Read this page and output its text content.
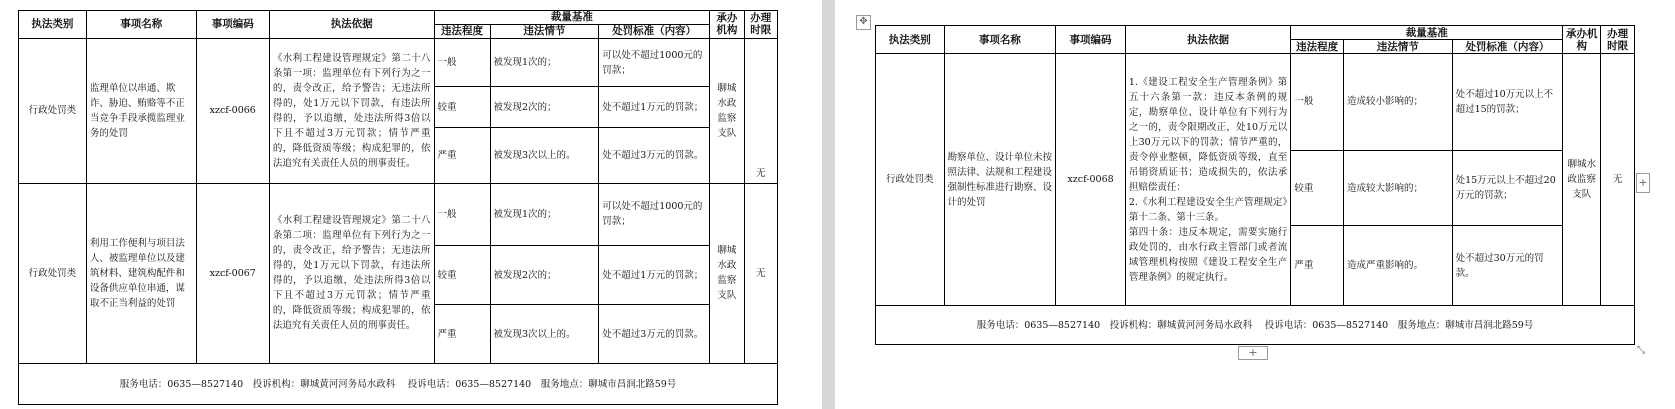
执法类别	事项名称	事项编码	执法依据	裁量基准			承办机构	办理时限
				违法程度	违法情节	处罚标准（内容）		
行政处罚类	监理单位以串通、欺诈、胁迫、贿赂等不正当竞争手段承揽监理业务的处罚	xzcf-0066	《水利工程建设管理规定》第二十八条第一项：监理单位有下列行为之一的，责令改正，给予警告；无违法所得的，处1万元以下罚款，有违法所得的，予以追缴，处违法所得3倍以下且不超过3万元罚款；情节严重的，降低资质等级；构成犯罪的，依法追究有关责任人员的刑事责任。	一般	被发现1次的；	可以处不超过1000元的罚款；	聊城水政监察支队	无
				较重	被发现2次的；	处不超过1万元的罚款；		
				严重	被发现3次以上的。	处不超过3万元的罚款。		
行政处罚类	利用工作便利与项目法人、被监理单位以及建筑材料、建筑构配件和设备供应单位串通，谋取不正当利益的处罚	xzcf-0067	《水利工程建设管理规定》第二十八条第二项：监理单位有下列行为之一的，责令改正，给予警告；无违法所得的，处1万元以下罚款，有违法所得的，予以追缴，处违法所得3倍以下且不超过3万元罚款；情节严重的，降低资质等级；构成犯罪的，依法追究有关责任人员的刑事责任。	一般	被发现1次的；	可以处不超过1000元的罚款；	聊城水政监察支队	无
				较重	被发现2次的；	处不超过1万元的罚款；		
				严重	被发现3次以上的。	处不超过3万元的罚款。		
服务电话：0635—8527140　投诉机构：聊城黄河河务局水政科　 投诉电话：0635—8527140　服务地点：聊城市昌润北路59号								
执法类别	事项名称	事项编码	执法依据	裁量基准			承办机构	办理时限
				违法程度	违法情节	处罚标准（内容）		
行政处罚类	勘察单位、设计单位未按照法律、法规和工程建设强制性标准进行勘察、设计的处罚	xzcf-0068	1.《建设工程安全生产管理条例》第五十六条第一款：违反本条例的规定，勘察单位、设计单位有下列行为之一的，责令限期改正，处10万元以上30万元以下的罚款；情节严重的，责令停业整顿，降低资质等级，直至吊销资质证书；造成损失的，依法承担赔偿责任：
2.《水利工程建设安全生产管理规定》第十二条、第十三条。
第四十条：违反本规定，需要实施行政处罚的，由水行政主管部门或者流域管理机构按照《建设工程安全生产管理条例》的规定执行。	一般	造成较小影响的；	处不超过10万元以上不超过15的罚款；	聊城水政监察支队	无
				较重	造成较大影响的；	处15万元以上不超过20万元的罚款；		
				严重	造成严重影响的。	处不超过30万元的罚款。		
服务电话：0635—8527140　投诉机构：聊城黄河河务局水政科　 投诉电话：0635—8527140　服务地点：聊城市昌润北路59号								
✥
+
+	⤡
